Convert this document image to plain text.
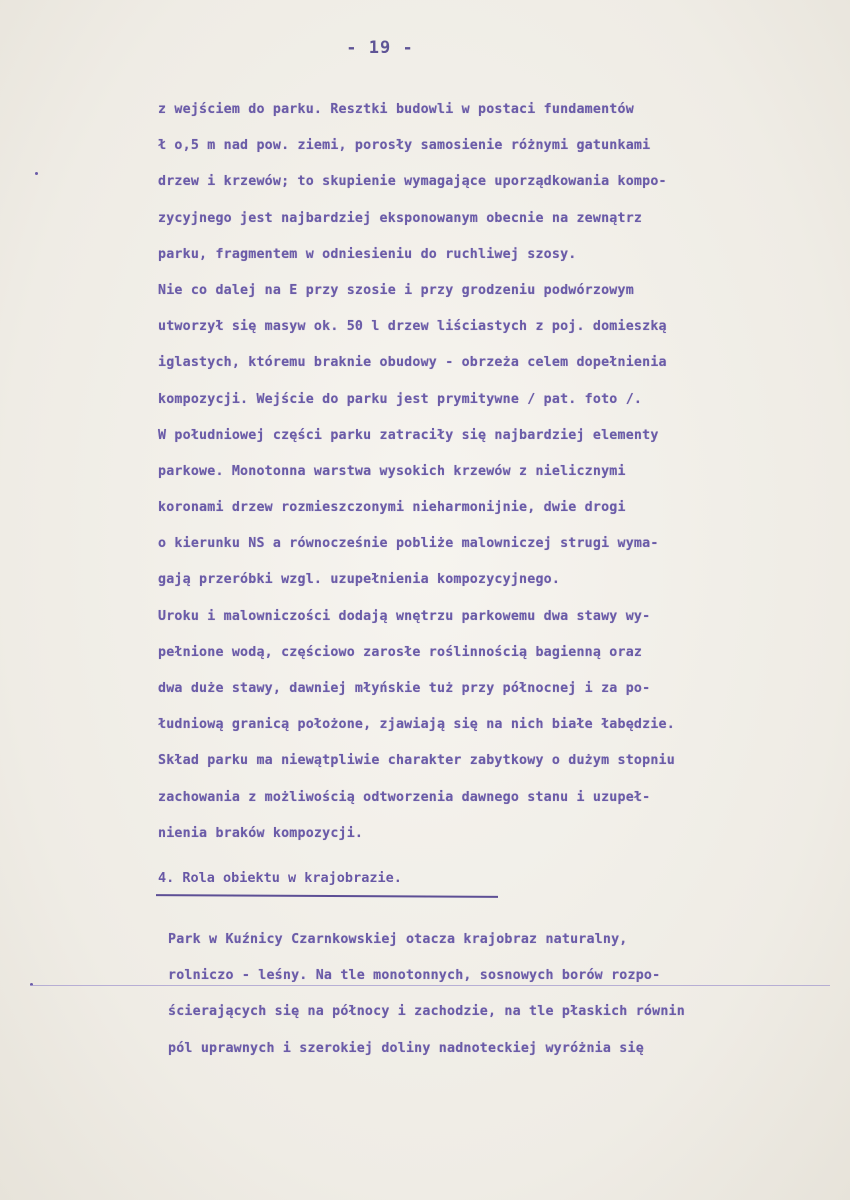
- 19 -
z wejściem do parku. Resztki budowli w postaci fundamentów
ł o,5 m nad pow. ziemi, porosły samosienie różnymi gatunkami
drzew i krzewów; to skupienie wymagające uporządkowania kompo-
zycyjnego jest najbardziej eksponowanym obecnie na zewnątrz
parku, fragmentem w odniesieniu do ruchliwej szosy.
Nie co dalej na E przy szosie i przy grodzeniu podwórzowym
utworzył się masyw ok. 50 l drzew liściastych z poj. domieszką
iglastych, któremu braknie obudowy - obrzeża celem dopełnienia
kompozycji. Wejście do parku jest prymitywne / pat. foto /.
W południowej części parku zatraciły się najbardziej elementy
parkowe. Monotonna warstwa wysokich krzewów z nielicznymi
koronami drzew rozmieszczonymi nieharmonijnie, dwie drogi
o kierunku NS a równocześnie pobliże malowniczej strugi wyma-
gają przeróbki wzgl. uzupełnienia kompozycyjnego.
Uroku i malowniczości dodają wnętrzu parkowemu dwa stawy wy-
pełnione wodą, częściowo zarosłe roślinnością bagienną oraz
dwa duże stawy, dawniej młyńskie tuż przy północnej i za po-
łudniową granicą położone, zjawiają się na nich białe łabędzie.
Skład parku ma niewątpliwie charakter zabytkowy o dużym stopniu
zachowania z możliwością odtworzenia dawnego stanu i uzupeł-
nienia braków kompozycji.
4. Rola obiektu w krajobrazie.
Park w Kuźnicy Czarnkowskiej otacza krajobraz naturalny,
rolniczo - leśny. Na tle monotonnych, sosnowych borów rozpo-
ścierających się na północy i zachodzie, na tle płaskich równin
pól uprawnych i szerokiej doliny nadnoteckiej wyróżnia się
